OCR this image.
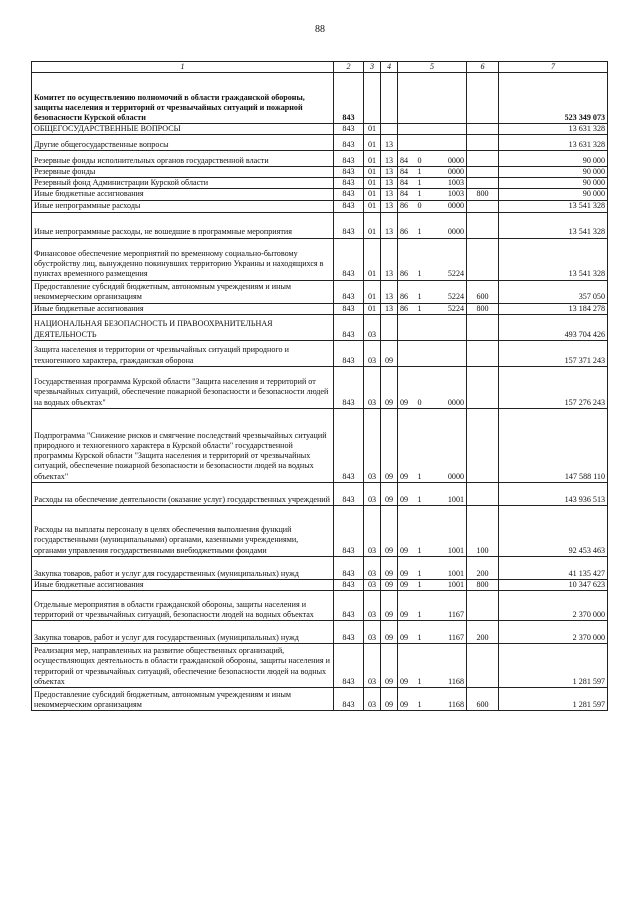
88
1	2	3	4	5			6	7
Комитет по осуществлению полномочий в области гражданской обороны, защиты населения и территорий от чрезвычайных ситуаций и пожарной безопасности Курской области	843							523 349 073
ОБЩЕГОСУДАРСТВЕННЫЕ ВОПРОСЫ	843	01						13 631 328
Другие общегосударственные вопросы	843	01	13					13 631 328
Резервные фонды исполнительных органов государственной власти	843	01	13	84	0	0000		90 000
Резервные фонды	843	01	13	84	1	0000		90 000
Резервный фонд Администрации Курской области	843	01	13	84	1	1003		90 000
Иные бюджетные ассигнования	843	01	13	84	1	1003	800	90 000
Иные непрограммные расходы	843	01	13	86	0	0000		13 541 328
Иные непрограммные расходы, не вошедшие в программные мероприятия	843	01	13	86	1	0000		13 541 328
Финансовое обеспечение мероприятий по временному социально-бытовому обустройству лиц, вынужденно покинувших территорию Украины и находящихся в пунктах временного размещения	843	01	13	86	1	5224		13 541 328
Предоставление субсидий бюджетным, автономным учреждениям и иным некоммерческим организациям	843	01	13	86	1	5224	600	357 050
Иные бюджетные ассигнования	843	01	13	86	1	5224	800	13 184 278
НАЦИОНАЛЬНАЯ БЕЗОПАСНОСТЬ И ПРАВООХРАНИТЕЛЬНАЯ ДЕЯТЕЛЬНОСТЬ	843	03						493 704 426
Защита населения и территории от чрезвычайных ситуаций природного и техногенного характера, гражданская оборона	843	03	09					157 371 243
Государственная программа Курской области "Защита населения и территорий от чрезвычайных ситуаций, обеспечение пожарной безопасности и безопасности людей на водных объектах"	843	03	09	09	0	0000		157 276 243
Подпрограмма "Снижение рисков и смягчение последствий чрезвычайных ситуаций природного и техногенного характера в Курской области" государственной программы Курской области "Защита населения и территорий от чрезвычайных ситуаций, обеспечение пожарной безопасности и безопасности людей на водных объектах"	843	03	09	09	1	0000		147 588 110
Расходы на обеспечение деятельности (оказание услуг) государственных учреждений	843	03	09	09	1	1001		143 936 513
Расходы на выплаты персоналу в целях обеспечения выполнения функций государственными (муниципальными) органами, казенными учреждениями, органами управления государственными внебюджетными фондами	843	03	09	09	1	1001	100	92 453 463
Закупка товаров, работ и услуг для государственных (муниципальных) нужд	843	03	09	09	1	1001	200	41 135 427
Иные бюджетные ассигнования	843	03	09	09	1	1001	800	10 347 623
Отдельные мероприятия в области гражданской обороны, защиты населения и территорий от чрезвычайных ситуаций, безопасности людей на водных объектах	843	03	09	09	1	1167		2 370 000
Закупка товаров, работ и услуг для государственных (муниципальных) нужд	843	03	09	09	1	1167	200	2 370 000
Реализация мер, направленных на развитие общественных организаций, осуществляющих деятельность в области гражданской обороны, защиты населения и территорий от чрезвычайных ситуаций, обеспечение безопасности людей на водных объектах	843	03	09	09	1	1168		1 281 597
Предоставление субсидий бюджетным, автономным учреждениям и иным некоммерческим организациям	843	03	09	09	1	1168	600	1 281 597
